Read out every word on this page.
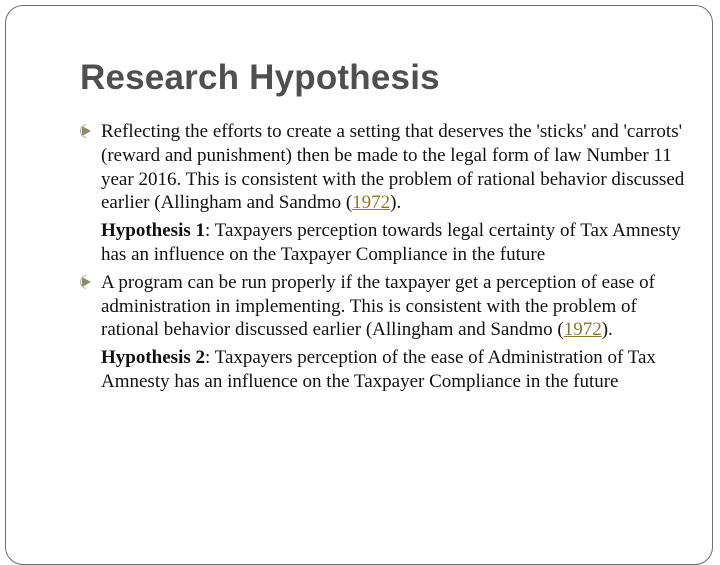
Research Hypothesis

Reflecting the efforts to create a setting that deserves the 'sticks' and 'carrots' (reward and punishment) then be made to the legal form of law Number 11 year 2016. This is consistent with the problem of rational behavior discussed earlier (Allingham and Sandmo (1972).

Hypothesis 1: Taxpayers perception towards legal certainty of Tax Amnesty has an influence on the Taxpayer Compliance in the future

A program can be run properly if the taxpayer get a perception of ease of administration in implementing. This is consistent with the problem of rational behavior discussed earlier (Allingham and Sandmo (1972).

Hypothesis 2: Taxpayers perception of the ease of Administration of Tax Amnesty has an influence on the Taxpayer Compliance in the future
